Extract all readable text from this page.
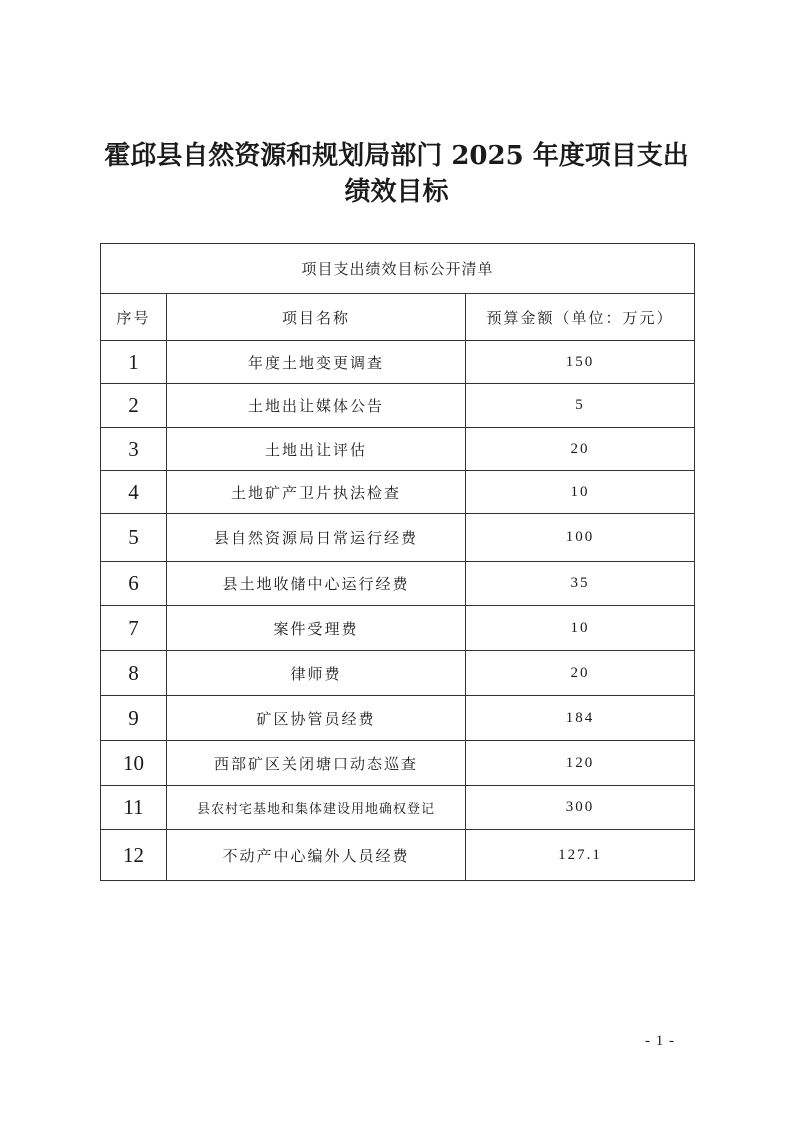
霍邱县自然资源和规划局部门 2025 年度项目支出
绩效目标
项目支出绩效目标公开清单		
序号	项目名称	预算金额（单位：万元）
1	年度土地变更调查	150
2	土地出让媒体公告	5
3	土地出让评估	20
4	土地矿产卫片执法检查	10
5	县自然资源局日常运行经费	100
6	县土地收储中心运行经费	35
7	案件受理费	10
8	律师费	20
9	矿区协管员经费	184
10	西部矿区关闭塘口动态巡查	120
11	县农村宅基地和集体建设用地确权登记	300
12	不动产中心编外人员经费	127.1
- 1 -
